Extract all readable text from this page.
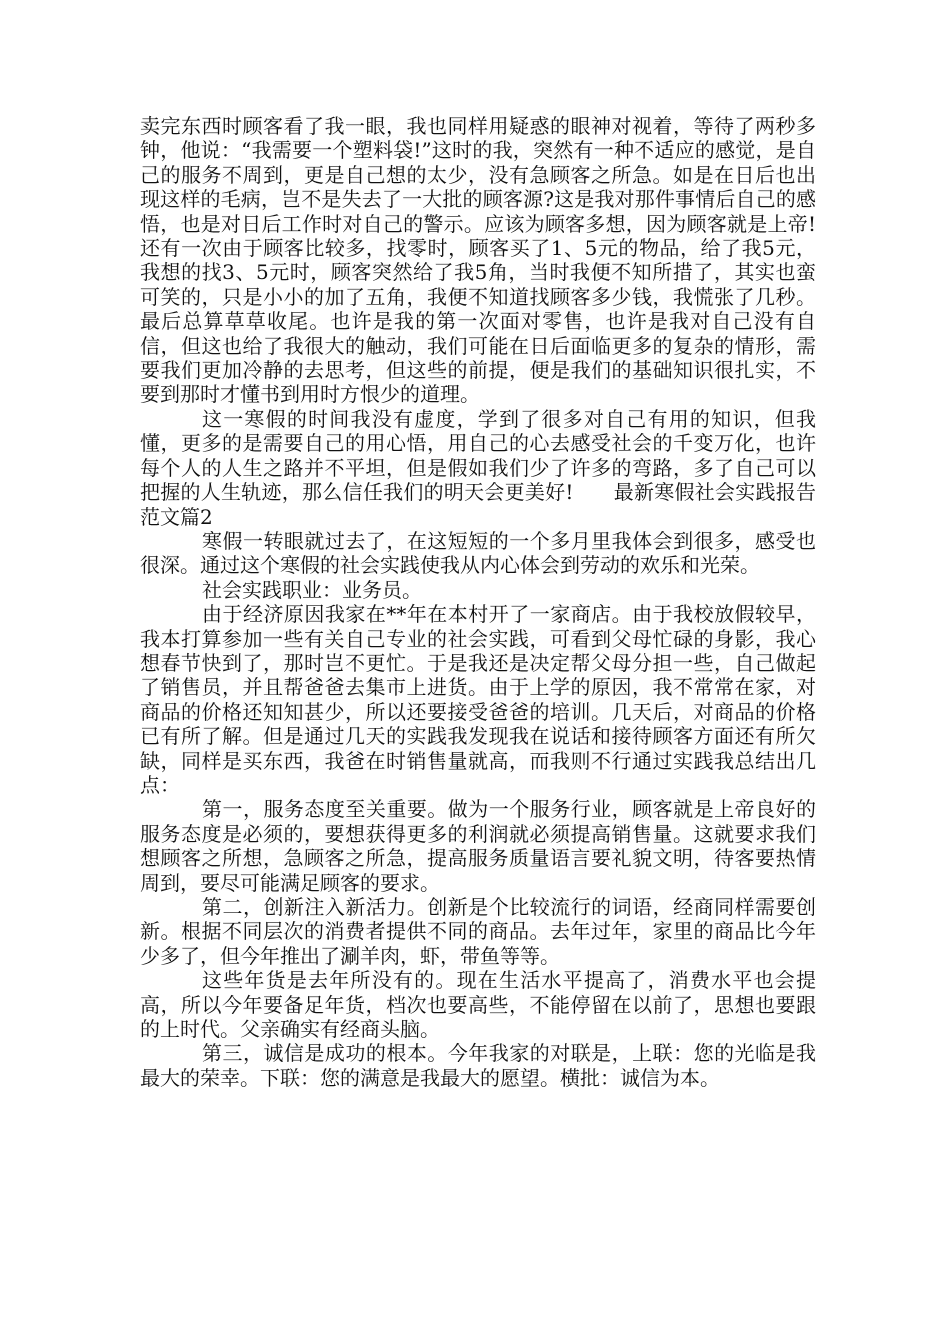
卖完东西时顾客看了我一眼，我也同样用疑惑的眼神对视着，等待了两秒多钟，他说：“我需要一个塑料袋!”这时的我，突然有一种不适应的感觉，是自己的服务不周到，更是自己想的太少，没有急顾客之所急。如是在日后也出现这样的毛病，岂不是失去了一大批的顾客源?这是我对那件事情后自己的感悟，也是对日后工作时对自己的警示。应该为顾客多想，因为顾客就是上帝!还有一次由于顾客比较多，找零时，顾客买了1、5元的物品，给了我5元，我想的找3、5元时，顾客突然给了我5角，当时我便不知所措了，其实也蛮可笑的，只是小小的加了五角，我便不知道找顾客多少钱，我慌张了几秒。最后总算草草收尾。也许是我的第一次面对零售，也许是我对自己没有自信，但这也给了我很大的触动，我们可能在日后面临更多的复杂的情形，需要我们更加冷静的去思考，但这些的前提，便是我们的基础知识很扎实，不要到那时才懂书到用时方恨少的道理。

这一寒假的时间我没有虚度，学到了很多对自己有用的知识，但我懂，更多的是需要自己的用心悟，用自己的心去感受社会的千变万化，也许每个人的人生之路并不平坦，但是假如我们少了许多的弯路，多了自己可以把握的人生轨迹，那么信任我们的明天会更美好! 最新寒假社会实践报告范文篇2

寒假一转眼就过去了，在这短短的一个多月里我体会到很多，感受也很深。通过这个寒假的社会实践使我从内心体会到劳动的欢乐和光荣。

社会实践职业：业务员。

由于经济原因我家在**年在本村开了一家商店。由于我校放假较早，我本打算参加一些有关自己专业的社会实践，可看到父母忙碌的身影，我心想春节快到了，那时岂不更忙。于是我还是决定帮父母分担一些，自己做起了销售员，并且帮爸爸去集市上进货。由于上学的原因，我不常常在家，对商品的价格还知知甚少，所以还要接受爸爸的培训。几天后，对商品的价格已有所了解。但是通过几天的实践我发现我在说话和接待顾客方面还有所欠缺，同样是买东西，我爸在时销售量就高，而我则不行通过实践我总结出几点：

第一，服务态度至关重要。做为一个服务行业，顾客就是上帝良好的服务态度是必须的，要想获得更多的利润就必须提高销售量。这就要求我们想顾客之所想，急顾客之所急，提高服务质量语言要礼貌文明，待客要热情周到，要尽可能满足顾客的要求。

第二，创新注入新活力。创新是个比较流行的词语，经商同样需要创新。根据不同层次的消费者提供不同的商品。去年过年，家里的商品比今年少多了，但今年推出了涮羊肉，虾，带鱼等等。

这些年货是去年所没有的。现在生活水平提高了，消费水平也会提高，所以今年要备足年货，档次也要高些，不能停留在以前了，思想也要跟的上时代。父亲确实有经商头脑。

第三，诚信是成功的根本。今年我家的对联是，上联：您的光临是我最大的荣幸。下联：您的满意是我最大的愿望。横批：诚信为本。
